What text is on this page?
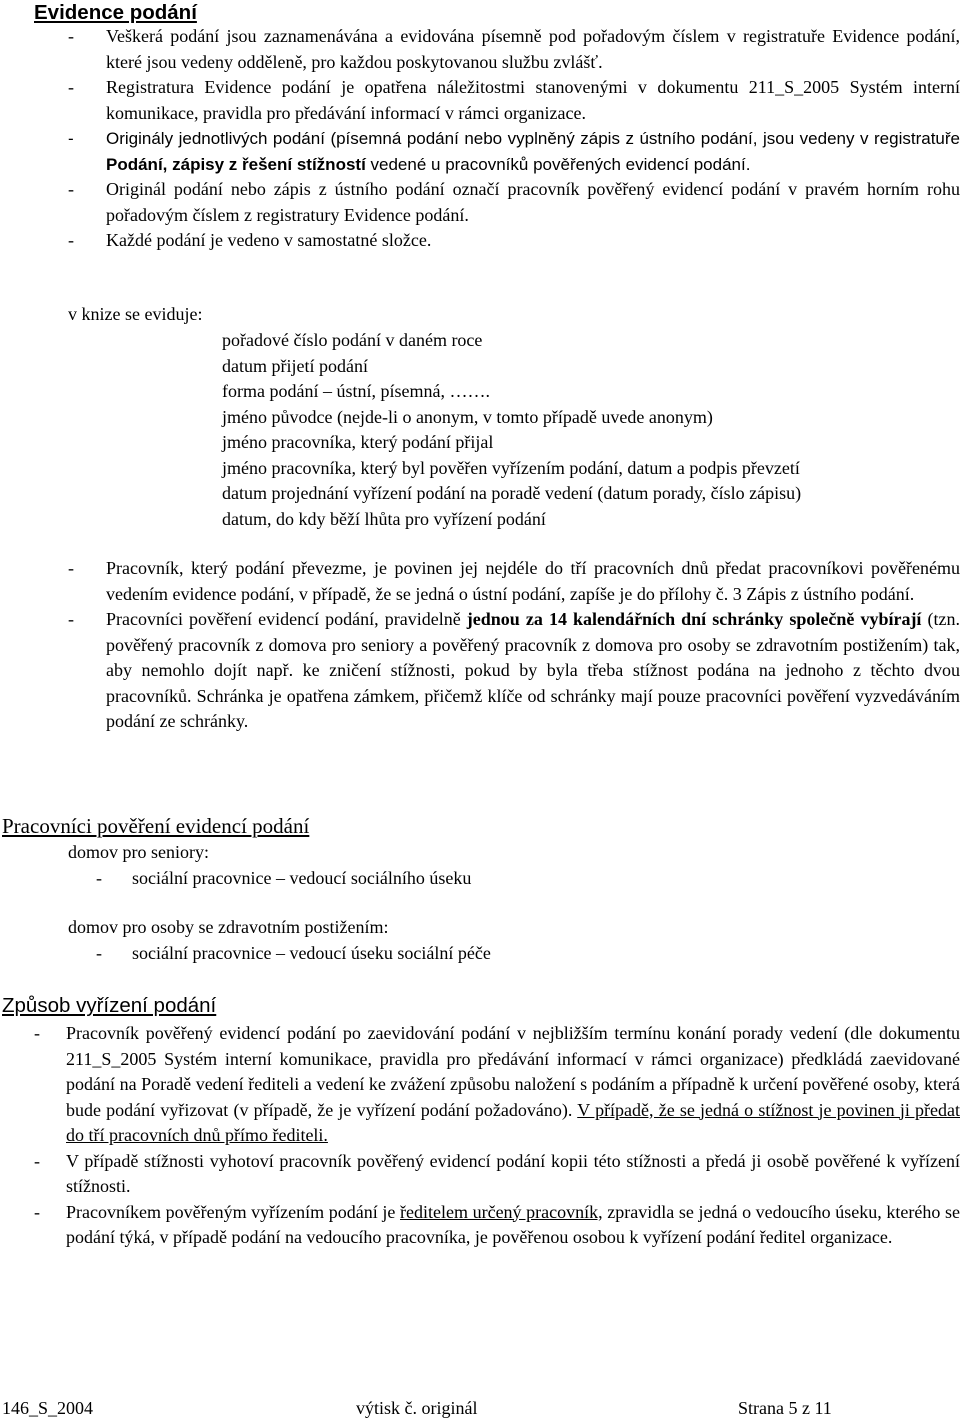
Evidence podání
- Veškerá podání jsou zaznamenávána a evidována písemně pod pořadovým číslem v registratuře Evidence podání, které jsou vedeny odděleně, pro každou poskytovanou službu zvlášť.
- Registratura Evidence podání je opatřena náležitostmi stanovenými v dokumentu 211_S_2005 Systém interní komunikace, pravidla pro předávání informací v rámci organizace.
- Originály jednotlivých podání (písemná podání nebo vyplněný zápis z ústního podání, jsou vedeny v registratuře Podání, zápisy z řešení stížností vedené u pracovníků pověřených evidencí podání.
- Originál podání nebo zápis z ústního podání označí pracovník pověřený evidencí podání v pravém horním rohu pořadovým číslem z registratury Evidence podání.
- Každé podání je vedeno v samostatné složce.
v knize se eviduje:
pořadové číslo podání v daném roce
datum přijetí podání
forma podání – ústní, písemná, …….
jméno původce (nejde-li o anonym, v tomto případě uvede anonym)
jméno pracovníka, který podání přijal
jméno pracovníka, který byl pověřen vyřízením podání, datum a podpis převzetí
datum projednání vyřízení podání na poradě vedení (datum porady, číslo zápisu)
datum, do kdy běží lhůta pro vyřízení podání
- Pracovník, který podání převezme, je povinen jej nejdéle do tří pracovních dnů předat pracovníkovi pověřenému vedením evidence podání, v případě, že se jedná o ústní podání, zapíše je do přílohy č. 3 Zápis z ústního podání.
- Pracovníci pověření evidencí podání, pravidelně jednou za 14 kalendářních dní schránky společně vybírají (tzn. pověřený pracovník z domova pro seniory a pověřený pracovník z domova pro osoby se zdravotním postižením) tak, aby nemohlo dojít např. ke zničení stížnosti, pokud by byla třeba stížnost podána na jednoho z těchto dvou pracovníků. Schránka je opatřena zámkem, přičemž klíče od schránky mají pouze pracovníci pověření vyzvedáváním podání ze schránky.
Pracovníci pověření evidencí podání
domov pro seniory:
- sociální pracovnice – vedoucí sociálního úseku
domov pro osoby se zdravotním postižením:
- sociální pracovnice – vedoucí úseku sociální péče
Způsob vyřízení podání
- Pracovník pověřený evidencí podání po zaevidování podání v nejbližším termínu konání porady vedení (dle dokumentu 211_S_2005 Systém interní komunikace, pravidla pro předávání informací v rámci organizace) předkládá zaevidované podání na Poradě vedení řediteli a vedení ke zvážení způsobu naložení s podáním a případně k určení pověřené osoby, která bude podání vyřizovat (v případě, že je vyřízení podání požadováno). V případě, že se jedná o stížnost je povinen ji předat do tří pracovních dnů přímo řediteli.
- V případě stížnosti vyhotoví pracovník pověřený evidencí podání kopii této stížnosti a předá ji osobě pověřené k vyřízení stížnosti.
- Pracovníkem pověřeným vyřízením podání je ředitelem určený pracovník, zpravidla se jedná o vedoucího úseku, kterého se podání týká, v případě podání na vedoucího pracovníka, je pověřenou osobou k vyřízení podání ředitel organizace.
146_S_2004	výtisk č. originál	Strana 5 z 11
